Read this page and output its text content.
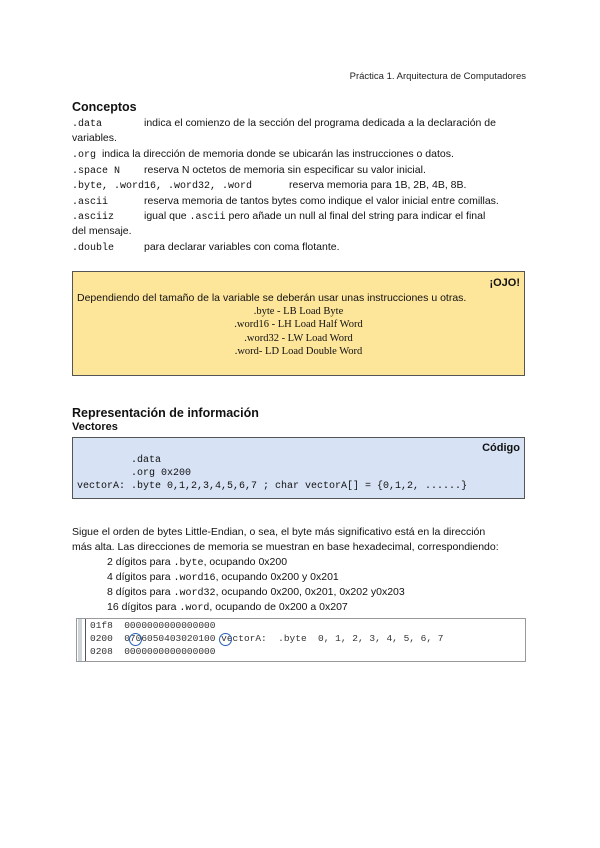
Práctica 1. Arquitectura de Computadores
Conceptos
.data	indica el comienzo de la sección del programa dedicada a la declaración de
variables.
.org indica la dirección de memoria donde se ubicarán las instrucciones o datos.
.space N reserva N octetos de memoria sin especificar su valor inicial.
.byte, .word16, .word32, .word	reserva memoria para 1B, 2B, 4B, 8B.
.ascii	reserva memoria de tantos bytes como indique el valor inicial entre comillas.
.asciiz	igual que .ascii pero añade un null al final del string para indicar el final
del mensaje.
.double	para declarar variables con coma flotante.
¡OJO!
Dependiendo del tamaño de la variable se deberán usar unas instrucciones u otras.
.byte - LB Load Byte
.word16 - LH Load Half Word
.word32 - LW Load Word
.word- LD Load Double Word
Representación de información
Vectores
Código
.data
.org 0x200
vectorA: .byte 0,1,2,3,4,5,6,7 ; char vectorA[] = {0,1,2, ......}
Sigue el orden de bytes Little-Endian, o sea, el byte más significativo está en la dirección
más alta. Las direcciones de memoria se muestran en base hexadecimal, correspondiendo:
2 dígitos para .byte, ocupando 0x200
4 dígitos para .word16, ocupando 0x200 y 0x201
8 dígitos para .word32, ocupando 0x200, 0x201, 0x202 y0x203
16 dígitos para .word, ocupando de 0x200 a 0x207
01f8 0000000000000000
0200 0706050403020100 vectorA:  .byte  0, 1, 2, 3, 4, 5, 6, 7
0208 0000000000000000
